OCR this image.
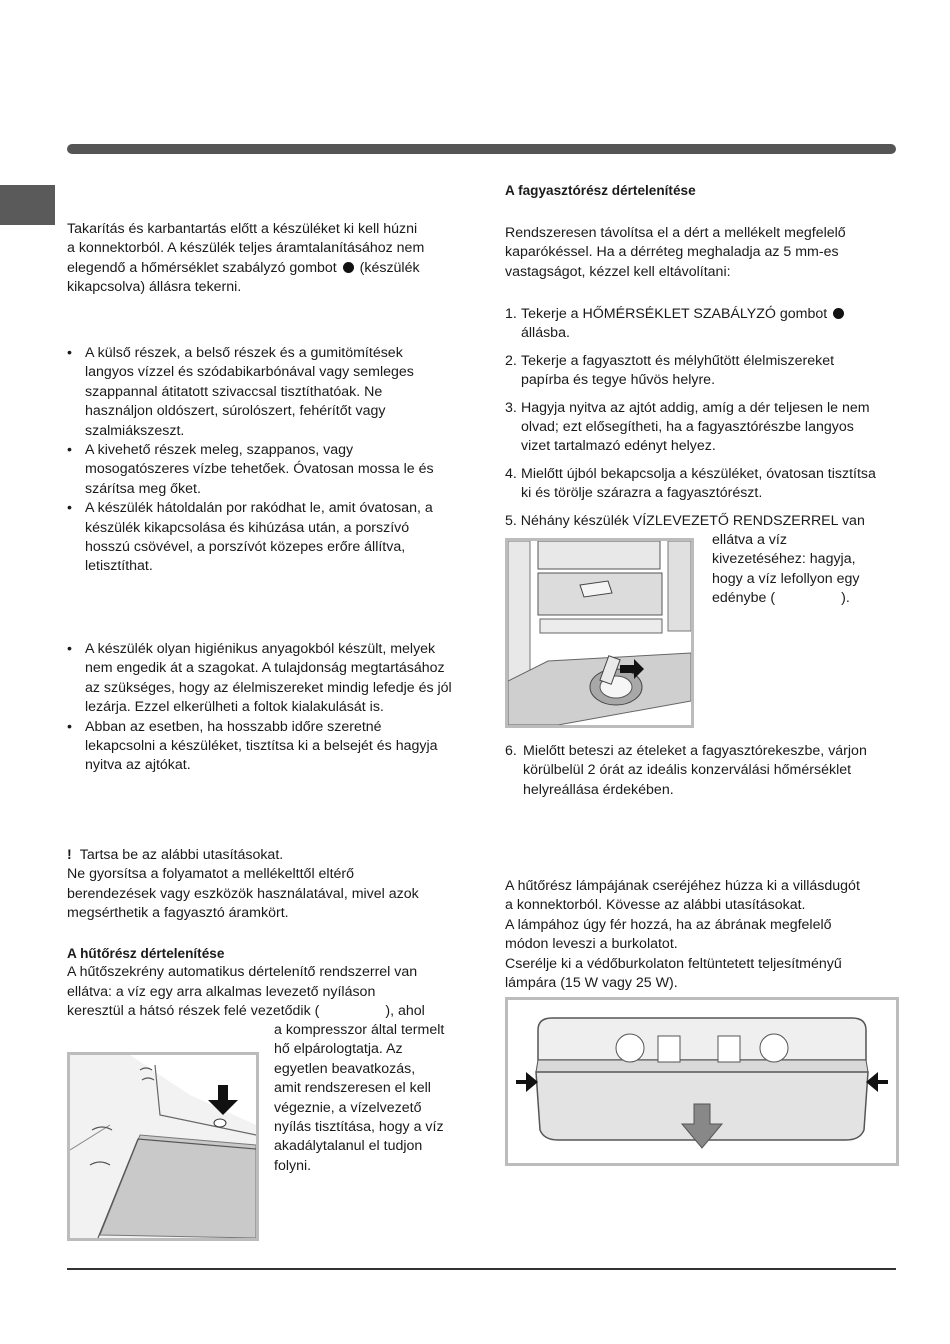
Takarítás és karbantartás előtt a készüléket ki kell húzni

a konnektorból. A készülék teljes áramtalanításához nem

elegendő a hőmérséklet szabályzó gombot (készülék

kikapcsolva) állásra tekerni.

• A külső részek, a belső részek és a gumitömítések langyos vízzel és szódabikarbónával vagy semleges szappannal átitatott szivaccsal tisztíthatóak. Ne használjon oldószert, súrolószert, fehérítőt vagy szalmiákszeszt.
• A kivehető részek meleg, szappanos, vagy mosogatószeres vízbe tehetőek. Óvatosan mossa le és szárítsa meg őket.
• A készülék hátoldalán por rakódhat le, amit óvatosan, a készülék kikapcsolása és kihúzása után, a porszívó hosszú csövével, a porszívót közepes erőre állítva, letisztíthat.
• A készülék olyan higiénikus anyagokból készült, melyek nem engedik át a szagokat. A tulajdonság megtartásához az szükséges, hogy az élelmiszereket mindig lefedje és jól lezárja. Ezzel elkerülheti a foltok kialakulását is.
• Abban az esetben, ha hosszabb időre szeretné lekapcsolni a készüléket, tisztítsa ki a belsejét és hagyja nyitva az ajtókat.

! Tartsa be az alábbi utasításokat.

Ne gyorsítsa a folyamatot a mellékelttől eltérő

berendezések vagy eszközök használatával, mivel azok

megsérthetik a fagyasztó áramkört.

A hűtőrész dértelenítése

A hűtőszekrény automatikus dértelenítő rendszerrel van

ellátva: a víz egy arra alkalmas levezető nyíláson

keresztül a hátsó részek felé vezetődik (	), ahol

a kompresszor által termelt

hő elpárologtatja. Az

egyetlen beavatkozás,

amit rendszeresen el kell

végeznie, a vízelvezető

nyílás tisztítása, hogy a víz

akadálytalanul el tudjon

folyni.

A fagyasztórész dértelenítése

Rendszeresen távolítsa el a dért a mellékelt megfelelő

kaparókéssel. Ha a dérréteg meghaladja az 5 mm-es

vastagságot, kézzel kell eltávolítani:

1. Tekerje a HŐMÉRSÉKLET SZABÁLYZÓ gombot  állásba.
2. Tekerje a fagyasztott és mélyhűtött élelmiszereket papírba és tegye hűvös helyre.
3. Hagyja nyitva az ajtót addig, amíg a dér teljesen le nem olvad; ezt elősegítheti, ha a fagyasztórészbe langyos vizet tartalmazó edényt helyez.
4. Mielőtt újból bekapcsolja a készüléket, óvatosan tisztítsa ki és törölje szárazra a fagyasztórészt.

5. Néhány készülék VÍZLEVEZETŐ RENDSZERREL van

ellátva a víz

kivezetéséhez: hagyja,

hogy a víz lefollyon egy

edénybe (	).

6. Mielőtt beteszi az ételeket a fagyasztórekeszbe, várjon körülbelül 2 órát az ideális konzerválási hőmérséklet helyreállása érdekében.

A hűtőrész lámpájának cseréjéhez húzza ki a villásdugót

a konnektorból. Kövesse az alábbi utasításokat.

A lámpához úgy fér hozzá, ha az ábrának megfelelő

módon leveszi a burkolatot.

Cserélje ki a védőburkolaton feltüntetett teljesítményű

lámpára (15 W vagy 25 W).
